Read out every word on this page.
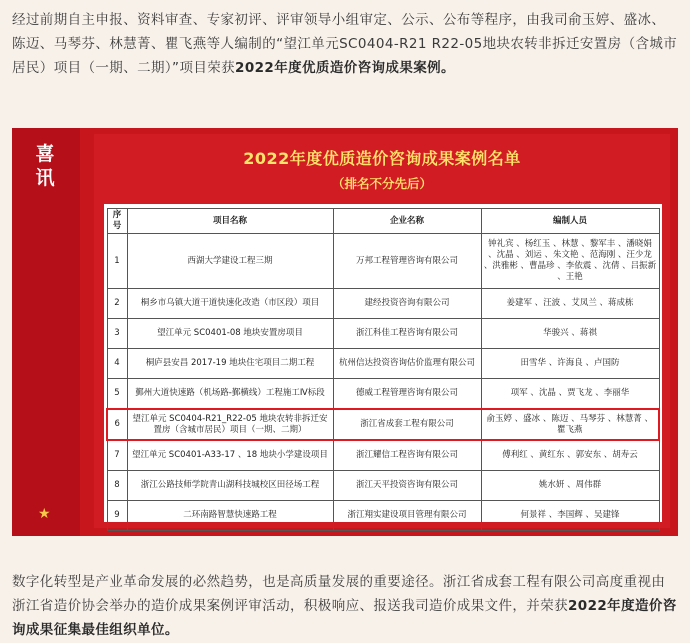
经过前期自主申报、资料审查、专家初评、评审领导小组审定、公示、公布等程序，由我司俞玉婷、盛冰、陈迈、马琴芬、林慧菁、瞿飞燕等人编制的“望江单元SC0404-R21 R22-05地块农转非拆迁安置房（含城市居民）项目（一期、二期）”项目荣获2022年度优质造价咨询成果案例。
喜讯
★
2022年度优质造价咨询成果案例名单
（排名不分先后）
序号	项目名称	企业名称	编制人员
1	西湖大学建设工程三期	万邦工程管理咨询有限公司	钟礼宾 、杨红玉 、林慧 、黎军丰 、潘晓娟 、沈晶 、刘运 、朱文艳 、范海刚 、汪少龙 、洪雅彬 、曹晶珍 、李依震 、沈倩 、吕振新 、王艳
2	桐乡市乌镇大道干道快速化改造（市区段）项目	建经投资咨询有限公司	姜建军 、汪波 、艾凤兰 、蒋成栋
3	望江单元 SC0401-08 地块安置房项目	浙江科佳工程咨询有限公司	华骏兴 、蒋祺
4	桐庐县安昌 2017-19 地块住宅项目二期工程	杭州信达投资咨询估价监理有限公司	田雪华 、许海良 、卢国防
5	鄞州大道快速路（机场路-鄞横线）工程施工Ⅳ标段	德威工程管理咨询有限公司	项军 、沈晶 、贾飞龙 、李丽华
6	望江单元 SC0404-R21_R22-05 地块农转非拆迁安置房（含城市居民）项目（一期、二期）	浙江省成套工程有限公司	俞玉婷 、盛冰 、陈迈 、马琴芬 、林慧菁 、瞿飞燕
7	望江单元 SC0401-A33-17 、18 地块小学建设项目	浙江耀信工程咨询有限公司	傅利红 、黄红东 、郭安东 、胡寿云
8	浙江公路技师学院青山湖科技城校区田径场工程	浙江天平投资咨询有限公司	姚水妍 、周伟群
9	二环南路智慧快速路工程	浙江翔实建设项目管理有限公司	何景祥 、李国辉 、吴建锋
数字化转型是产业革命发展的必然趋势，也是高质量发展的重要途径。浙江省成套工程有限公司高度重视由浙江省造价协会举办的造价成果案例评审活动，积极响应、报送我司造价成果文件，并荣获2022年度造价咨询成果征集最佳组织单位。
